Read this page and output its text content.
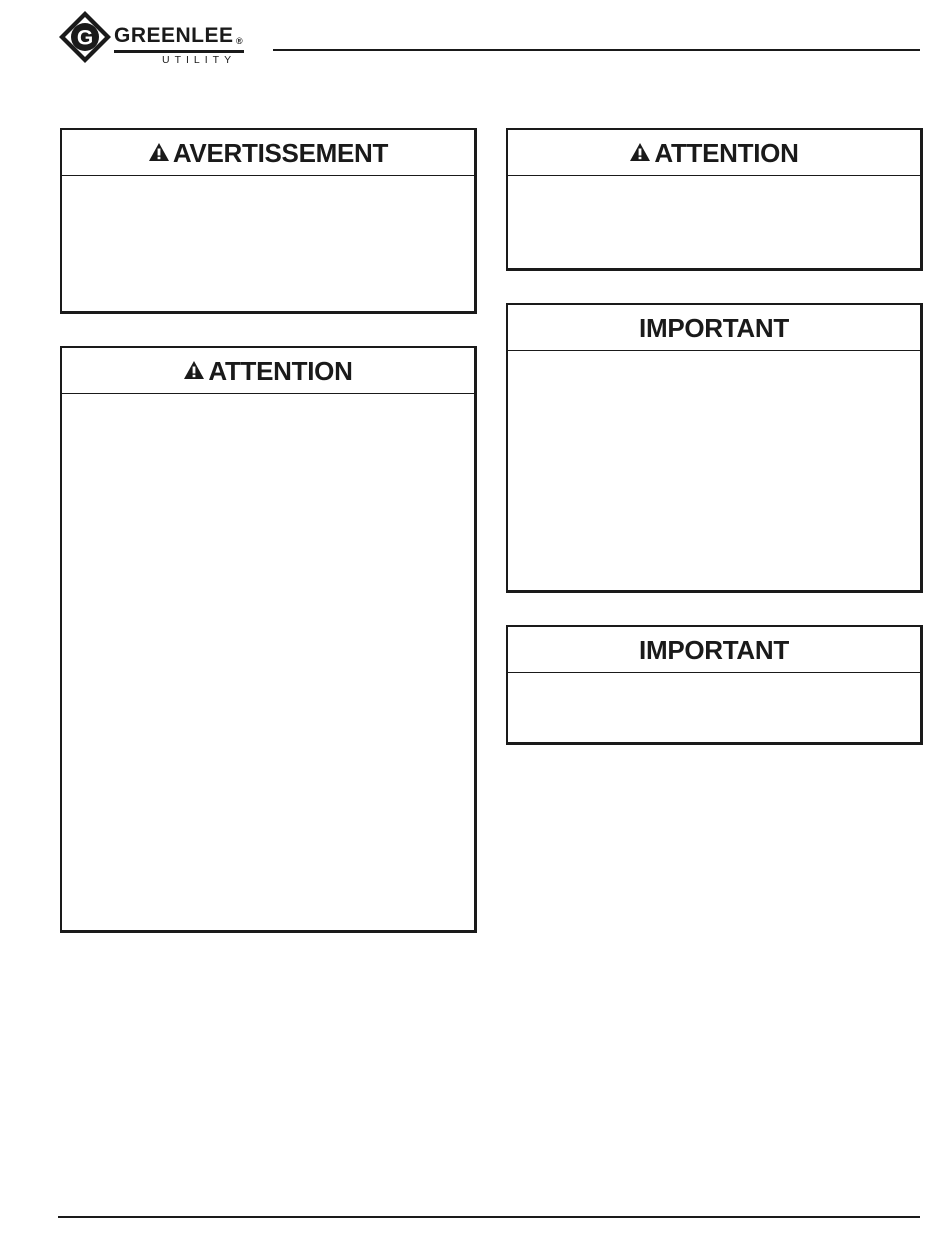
G GREENLEE ®
UTILITY
AVERTISSEMENT
ATTENTION
ATTENTION
IMPORTANT
IMPORTANT
